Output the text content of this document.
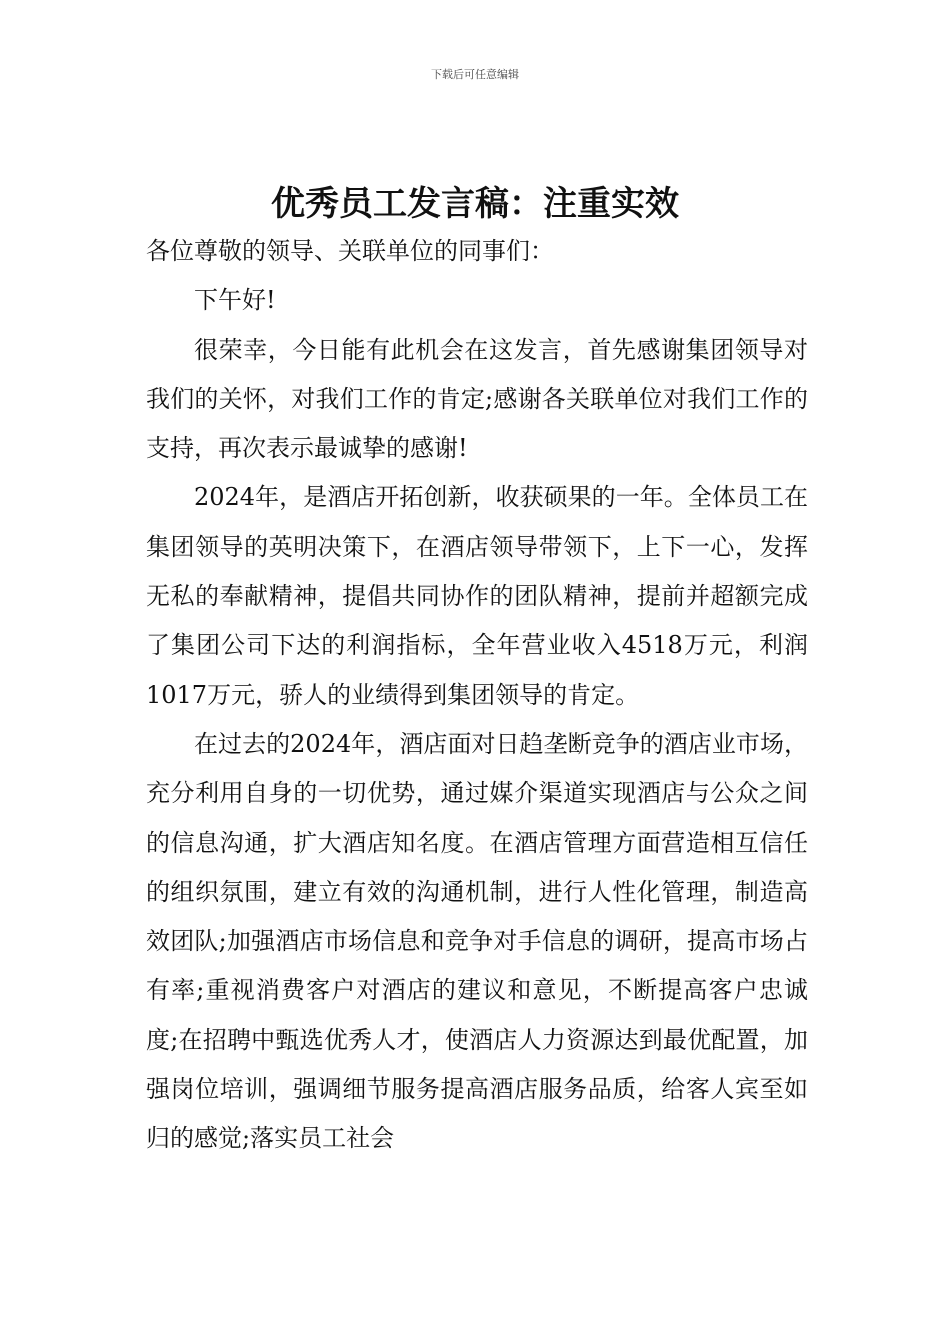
下载后可任意编辑
优秀员工发言稿：注重实效

各位尊敬的领导、关联单位的同事们：

下午好!

很荣幸，今日能有此机会在这发言，首先感谢集团领导对我们的关怀，对我们工作的肯定;感谢各关联单位对我们工作的支持，再次表示最诚挚的感谢!

2024年，是酒店开拓创新，收获硕果的一年。全体员工在集团领导的英明决策下，在酒店领导带领下，上下一心，发挥无私的奉献精神，提倡共同协作的团队精神，提前并超额完成了集团公司下达的利润指标，全年营业收入4518万元，利润1017万元，骄人的业绩得到集团领导的肯定。

在过去的2024年，酒店面对日趋垄断竞争的酒店业市场，充分利用自身的一切优势，通过媒介渠道实现酒店与公众之间的信息沟通，扩大酒店知名度。在酒店管理方面营造相互信任的组织氛围，建立有效的沟通机制，进行人性化管理，制造高效团队;加强酒店市场信息和竞争对手信息的调研，提高市场占有率;重视消费客户对酒店的建议和意见，不断提高客户忠诚度;在招聘中甄选优秀人才，使酒店人力资源达到最优配置，加强岗位培训，强调细节服务提高酒店服务品质，给客人宾至如归的感觉;落实员工社会
